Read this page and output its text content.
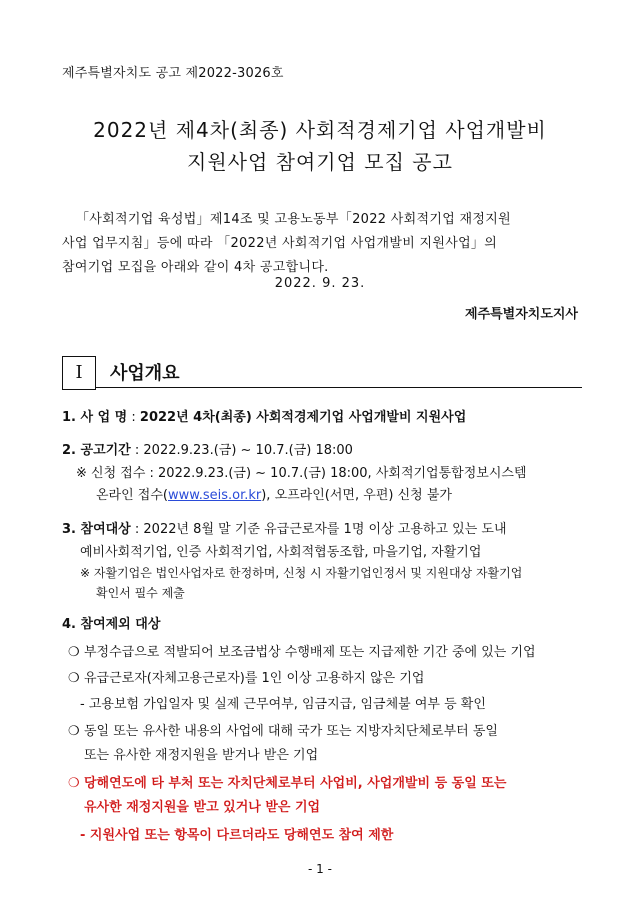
제주특별자치도 공고 제2022-3026호
2022년 제4차(최종) 사회적경제기업 사업개발비
지원사업 참여기업 모집 공고
「사회적기업 육성법」제14조 및 고용노동부「2022 사회적기업 재정지원
사업 업무지침」등에 따라 「2022년 사회적기업 사업개발비 지원사업」의
참여기업 모집을 아래와 같이 4차 공고합니다.
2022. 9. 23.
제주특별자치도지사
Ⅰ	사업개요
1. 사 업 명 : 2022년 4차(최종) 사회적경제기업 사업개발비 지원사업
2. 공고기간 : 2022.9.23.(금) ~ 10.7.(금) 18:00
※ 신청 접수 : 2022.9.23.(금) ~ 10.7.(금) 18:00, 사회적기업통합정보시스템
온라인 접수(www.seis.or.kr), 오프라인(서면, 우편) 신청 불가
3. 참여대상 : 2022년 8월 말 기준 유급근로자를 1명 이상 고용하고 있는 도내
예비사회적기업, 인증 사회적기업, 사회적협동조합, 마을기업, 자활기업
※ 자활기업은 법인사업자로 한정하며, 신청 시 자활기업인정서 및 지원대상 자활기업
확인서 필수 제출
4. 참여제외 대상
❍ 부정수급으로 적발되어 보조금법상 수행배제 또는 지급제한 기간 중에 있는 기업
❍ 유급근로자(자체고용근로자)를 1인 이상 고용하지 않은 기업
- 고용보험 가입일자 및 실제 근무여부, 임금지급, 임금체불 여부 등 확인
❍ 동일 또는 유사한 내용의 사업에 대해 국가 또는 지방자치단체로부터 동일
또는 유사한 재정지원을 받거나 받은 기업
❍ 당해연도에 타 부처 또는 자치단체로부터 사업비, 사업개발비 등 동일 또는
유사한 재정지원을 받고 있거나 받은 기업
- 지원사업 또는 항목이 다르더라도 당해연도 참여 제한
- 1 -
